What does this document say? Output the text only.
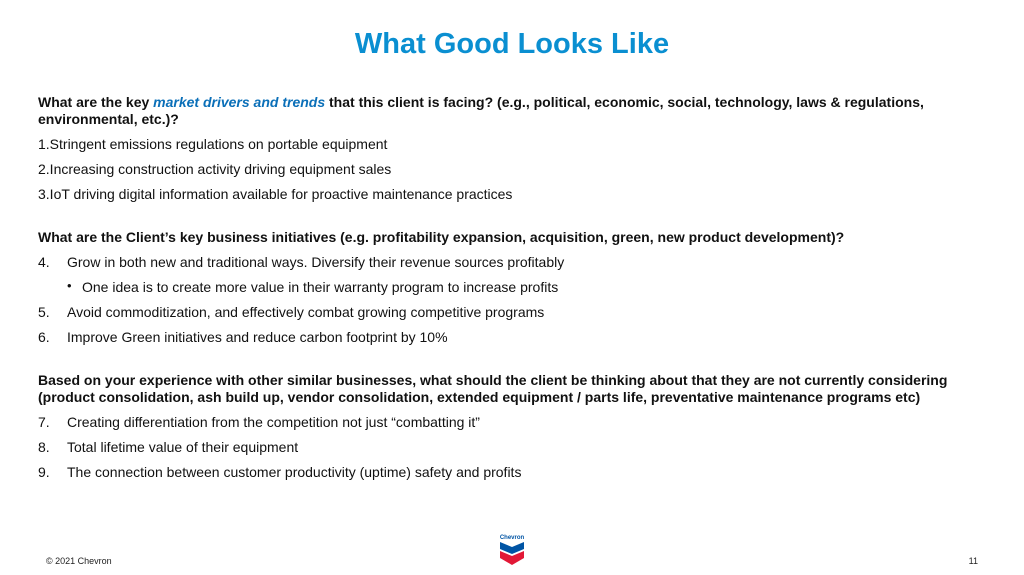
What Good Looks Like

What are the key market drivers and trends that this client is facing? (e.g., political, economic, social, technology, laws & regulations, environmental, etc.)?

1.Stringent emissions regulations on portable equipment

2.Increasing construction activity driving equipment sales

3.IoT driving digital information available for proactive maintenance practices

What are the Client’s key business initiatives (e.g. profitability expansion, acquisition, green, new product development)?

4. Grow in both new and traditional ways. Diversify their revenue sources profitably

• One idea is to create more value in their warranty program to increase profits

5. Avoid commoditization, and effectively combat growing competitive programs

6. Improve Green initiatives and reduce carbon footprint by 10%

Based on your experience with other similar businesses, what should the client be thinking about that they are not currently considering (product consolidation, ash build up, vendor consolidation, extended equipment / parts life, preventative maintenance programs etc)

7. Creating differentiation from the competition not just “combatting it”

8. Total lifetime value of their equipment

9. The connection between customer productivity (uptime) safety and profits

Chevron
© 2021 Chevron	11
